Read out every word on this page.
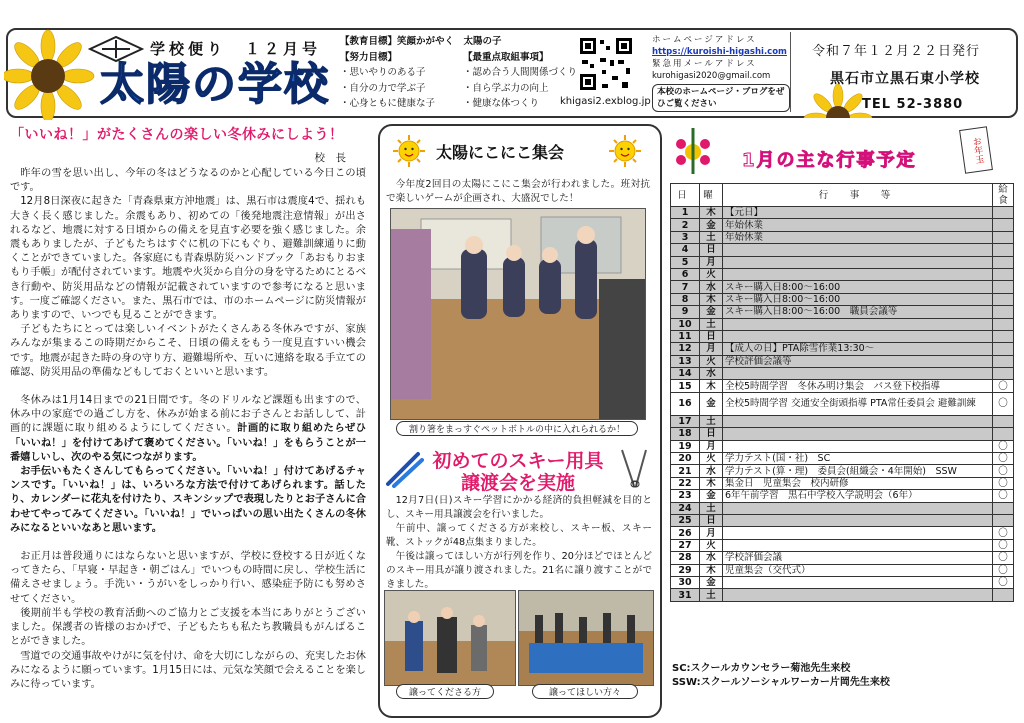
学校便り　１２月号
太陽の学校
【教育目標】笑顔かがやく　太陽の子
【努力目標】
・思いやりのある子
・自分の力で学ぶ子
・心身ともに健康な子
【最重点取組事項】
・認め合う人間関係づくり
・自ら学ぶ力の向上
・健康な体つくり	khigasi2.exblog.jp
ホームページアドレス
https://kuroishi-higashi.com
緊急用メールアドレス
kurohigasi2020@gmail.com
本校のホームページ・ブログをぜひご覧ください
令和７年１２月２２日発行
黒石市立黒石東小学校
TEL 52-3880
「いいね！」がたくさんの楽しい冬休みにしよう！
校　長

昨年の雪を思い出し、今年の冬はどうなるのかと心配している今日この頃です。

12月8日深夜に起きた「青森県東方沖地震」は、黒石市は震度4で、揺れも大きく長く感じました。余震もあり、初めての「後発地震注意情報」が出されるなど、地震に対する日頃からの備えを見直す必要を強く感じました。余震もありましたが、子どもたちはすぐに机の下にもぐり、避難訓練通りに動くことができていました。各家庭にも青森県防災ハンドブック「あおもりおまもり手帳」が配付されています。地震や火災から自分の身を守るためにとるべき行動や、防災用品などの情報が記載されていますので参考になると思います。一度ご確認ください。また、黒石市では、市のホームページに防災情報がありますので、いつでも見ることができます。

子どもたちにとっては楽しいイベントがたくさんある冬休みですが、家族みんなが集まるこの時期だからこそ、日頃の備えをもう一度見直すいい機会です。地震が起きた時の身の守り方、避難場所や、互いに連絡を取る手立ての確認、防災用品の準備などもしておくといいと思います。

冬休みは1月14日までの21日間です。冬のドリルなど課題も出ますので、休み中の家庭での過ごし方を、休みが始まる前にお子さんとお話しして、計画的に課題に取り組めるようにしてください。計画的に取り組めたらぜひ「いいね！」を付けてあげて褒めてください。「いいね！」をもらうことが一番嬉しいし、次のやる気につながります。

お手伝いもたくさんしてもらってください。「いいね！」付けてあげるチャンスです。「いいね！」は、いろいろな方法で付けてあげられます。話したり、カレンダーに花丸を付けたり、スキンシップで表現したりとお子さんに合わせてやってみてください。「いいね！」でいっぱいの思い出たくさんの冬休みになるといいなあと思います。

お正月は普段通りにはならないと思いますが、学校に登校する日が近くなってきたら、「早寝・早起き・朝ごはん」でいつもの時間に戻し、学校生活に備えさせましょう。手洗い・うがいをしっかり行い、感染症予防にも努めさせてください。

後期前半も学校の教育活動へのご協力とご支援を本当にありがとうございました。保護者の皆様のおかげで、子どもたちも私たち教職員もがんばることができました。

雪道での交通事故やけがに気を付け、命を大切にしながらの、充実したお休みになるように願っています。1月15日には、元気な笑顔で会えることを楽しみに待っています。

太陽にこにこ集会
今年度2回目の太陽にこにこ集会が行われました。班対抗で楽しいゲームが企画され、大盛況でした！
割り箸をまっすぐペットボトルの中に入れられるか！
初めてのスキー用具
譲渡会を実施

12月7日(日)スキー学習にかかる経済的負担軽減を目的とし、スキー用具譲渡会を行いました。

午前中、譲ってくださる方が来校し、スキー板、スキー靴、ストックが48点集まりました。

午後は譲ってほしい方が行列を作り、20分ほどでほとんどのスキー用具が譲り渡されました。21名に譲り渡すことができました。

譲ってくださる方	譲ってほしい方々
1月の主な行事予定	お年玉
日	曜	行　事　等	給食
1	木	【元日】	
2	金	年始休業	
3	土	年始休業	
4	日		
5	月		
6	火		
7	水	スキー購入日8:00～16:00	
8	木	スキー購入日8:00～16:00	
9	金	スキー購入日8:00～16:00　職員会議等	
10	土		
11	日		
12	月	【成人の日】PTA除雪作業13:30～	
13	火	学校評価会議等	
14	水		
15	木	全校5時間学習　冬休み明け集会　バス登下校指導	〇
16	金	全校5時間学習 交通安全街頭指導 PTA常任委員会 避難訓練	〇
17	土		
18	日		
19	月		〇
20	火	学力テスト(国・社)　SC	〇
21	水	学力テスト(算・理)　委員会(組織会・4年開始)　SSW	〇
22	木	集金日　児童集会　校内研修	〇
23	金	6年午前学習　黒石中学校入学説明会（6年）	〇
24	土		
25	日		
26	月		〇
27	火		〇
28	水	学校評価会議	〇
29	木	児童集会（交代式）	〇
30	金		〇
31	土		
SC:スクールカウンセラー菊池先生来校
SSW:スクールソーシャルワーカー片岡先生来校
